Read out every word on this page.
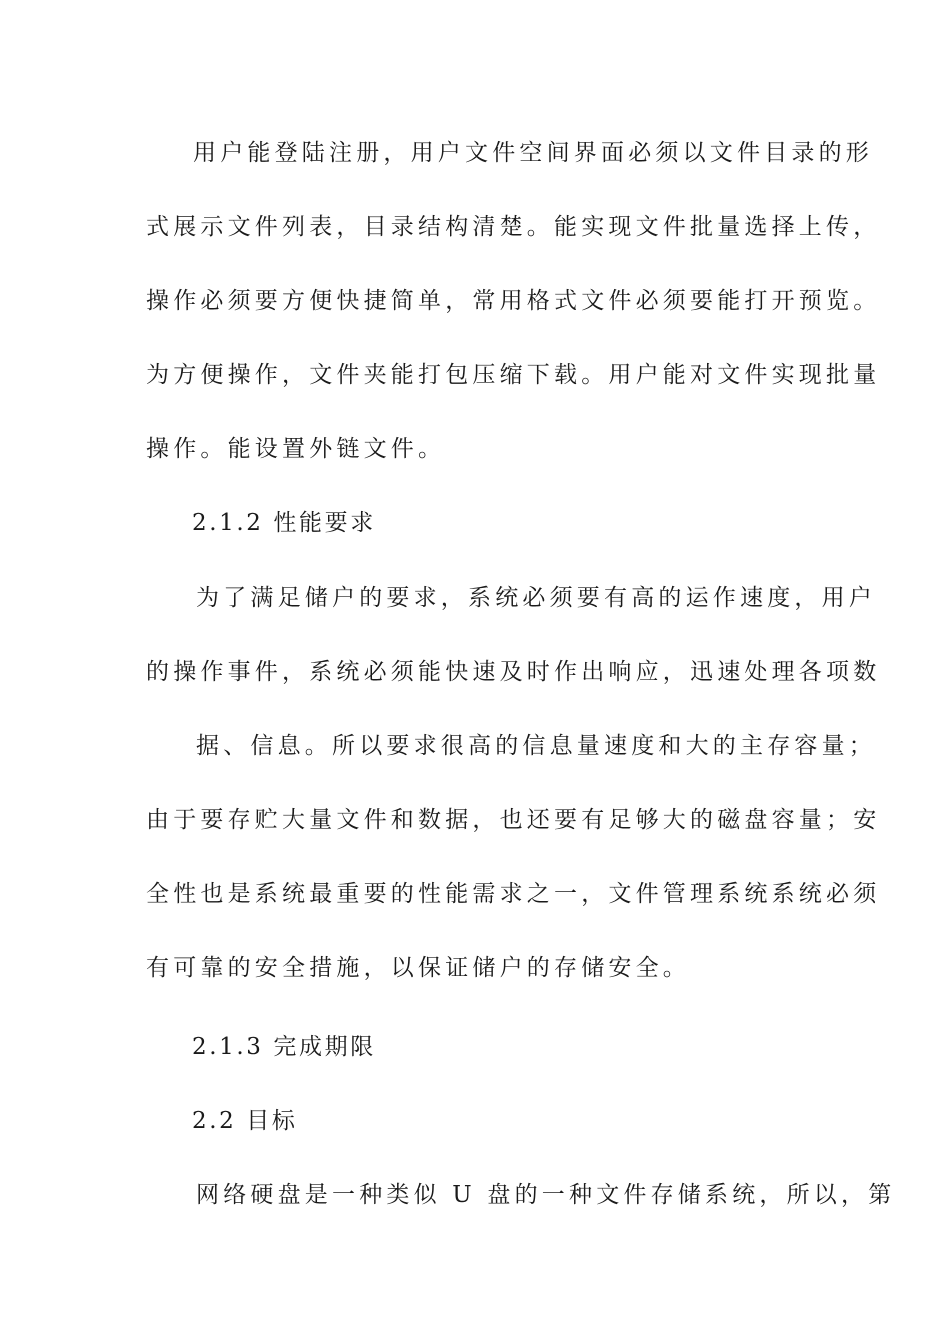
用户能登陆注册，用户文件空间界面必须以文件目录的形
式展示文件列表，目录结构清楚。能实现文件批量选择上传，
操作必须要方便快捷简单，常用格式文件必须要能打开预览。
为方便操作，文件夹能打包压缩下载。用户能对文件实现批量
操作。能设置外链文件。
2.1.2 性能要求
为了满足储户的要求，系统必须要有高的运作速度，用户
的操作事件，系统必须能快速及时作出响应，迅速处理各项数
据、信息。所以要求很高的信息量速度和大的主存容量；
由于要存贮大量文件和数据，也还要有足够大的磁盘容量；安
全性也是系统最重要的性能需求之一，文件管理系统系统必须
有可靠的安全措施，以保证储户的存储安全。
2.1.3 完成期限
2.2 目标
网络硬盘是一种类似 U 盘的一种文件存储系统，所以，第
